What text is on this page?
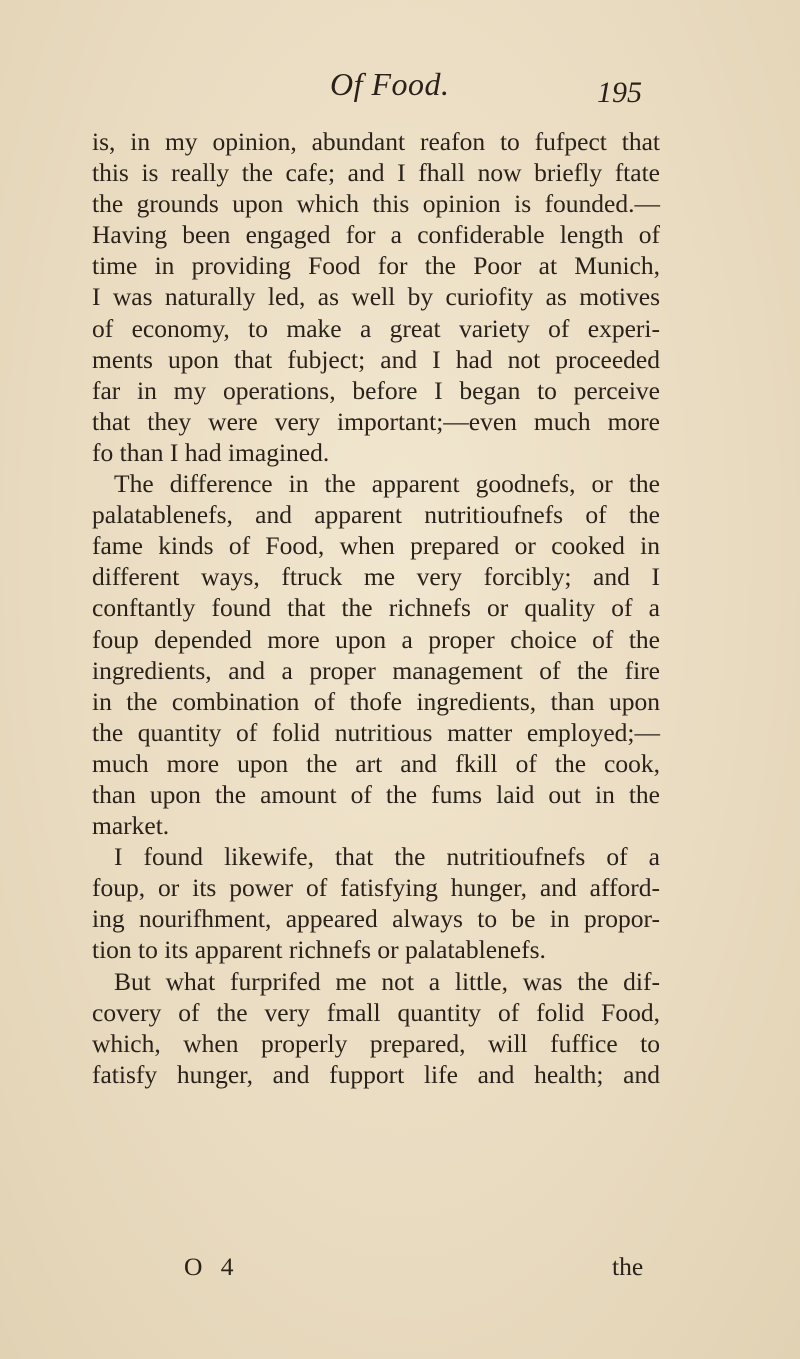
Of Food.	195
is, in my opinion, abundant reafon to fufpect that
this is really the cafe; and I fhall now briefly ftate
the grounds upon which this opinion is founded.—
Having been engaged for a confiderable length of
time in providing Food for the Poor at Munich,
I was naturally led, as well by curiofity as motives
of economy, to make a great variety of experi-
ments upon that fubject; and I had not proceeded
far in my operations, before I began to perceive
that they were very important;—even much more
fo than I had imagined.
The difference in the apparent goodnefs, or the
palatablenefs, and apparent nutritioufnefs of the
fame kinds of Food, when prepared or cooked in
different ways, ftruck me very forcibly; and I
conftantly found that the richnefs or quality of a
foup depended more upon a proper choice of the
ingredients, and a proper management of the fire
in the combination of thofe ingredients, than upon
the quantity of folid nutritious matter employed;—
much more upon the art and fkill of the cook,
than upon the amount of the fums laid out in the
market.
I found likewife, that the nutritioufnefs of a
foup, or its power of fatisfying hunger, and afford-
ing nourifhment, appeared always to be in propor-
tion to its apparent richnefs or palatablenefs.
But what furprifed me not a little, was the dif-
covery of the very fmall quantity of folid Food,
which, when properly prepared, will fuffice to
fatisfy hunger, and fupport life and health; and
O 4	the
